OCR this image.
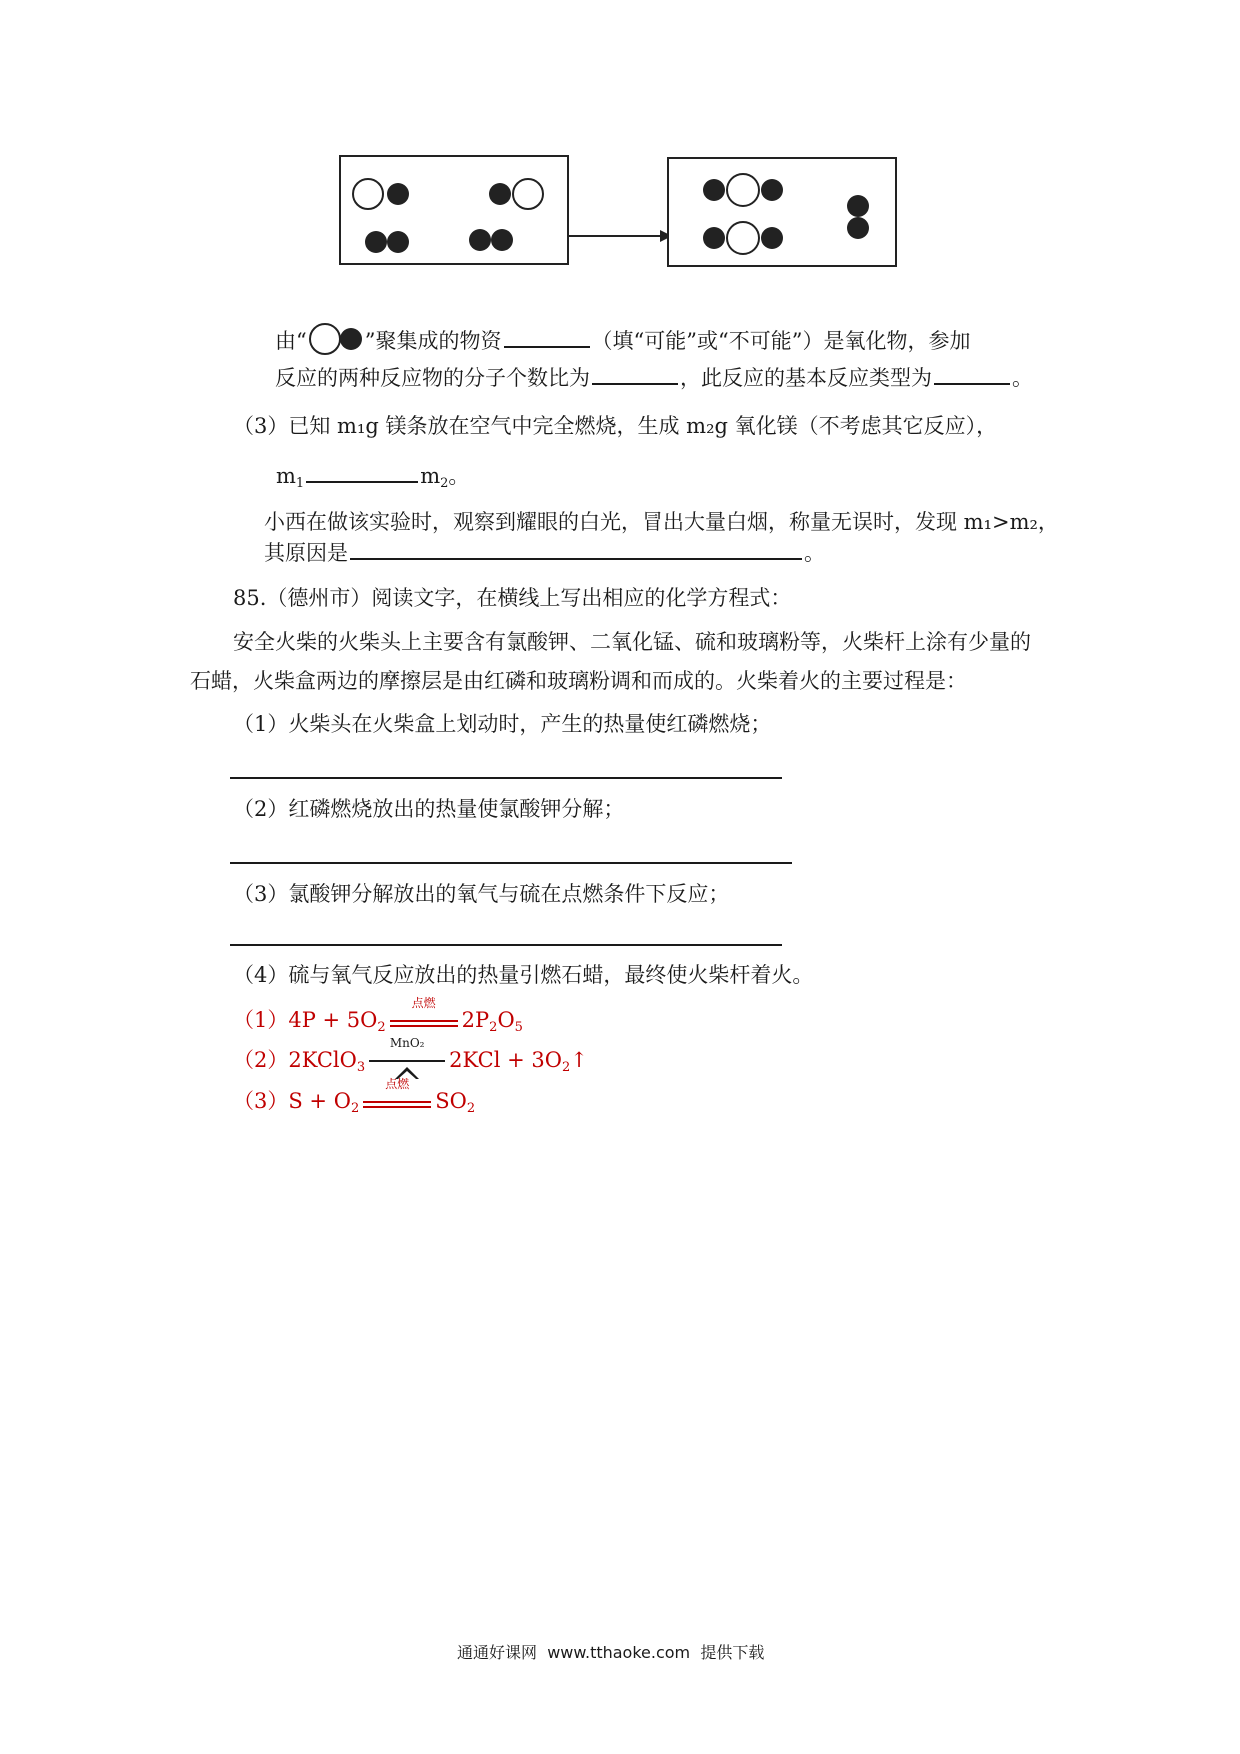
由“	”聚集成的物资	（填“可能”或“不可能”）是氧化物，参加
反应的两种反应物的分子个数比为	，此反应的基本反应类型为	。
（3）已知 m₁g 镁条放在空气中完全燃烧，生成 m₂g 氧化镁（不考虑其它反应），
$m_1$	$m_2$。
小西在做该实验时，观察到耀眼的白光，冒出大量白烟，称量无误时，发现 m₁>m₂，
其原因是	。
85.（德州市）阅读文字，在横线上写出相应的化学方程式：
安全火柴的火柴头上主要含有氯酸钾、二氧化锰、硫和玻璃粉等，火柴杆上涂有少量的
石蜡，火柴盒两边的摩擦层是由红磷和玻璃粉调和而成的。火柴着火的主要过程是：
（1）火柴头在火柴盒上划动时，产生的热量使红磷燃烧；
（2）红磷燃烧放出的热量使氯酸钾分解；
（3）氯酸钾分解放出的氧气与硫在点燃条件下反应；
（4）硫与氧气反应放出的热量引燃石蜡，最终使火柴杆着火。
$(1)4P + 5O_2$
点燃
$2P_2O_5$
（2）2KClO$_3$
MnO₂
$2KCl + 3O_2↑$
$(3)S + O_2$
点燃
$SO_2$
通通好课网 www.tthaoke.com 提供下载
